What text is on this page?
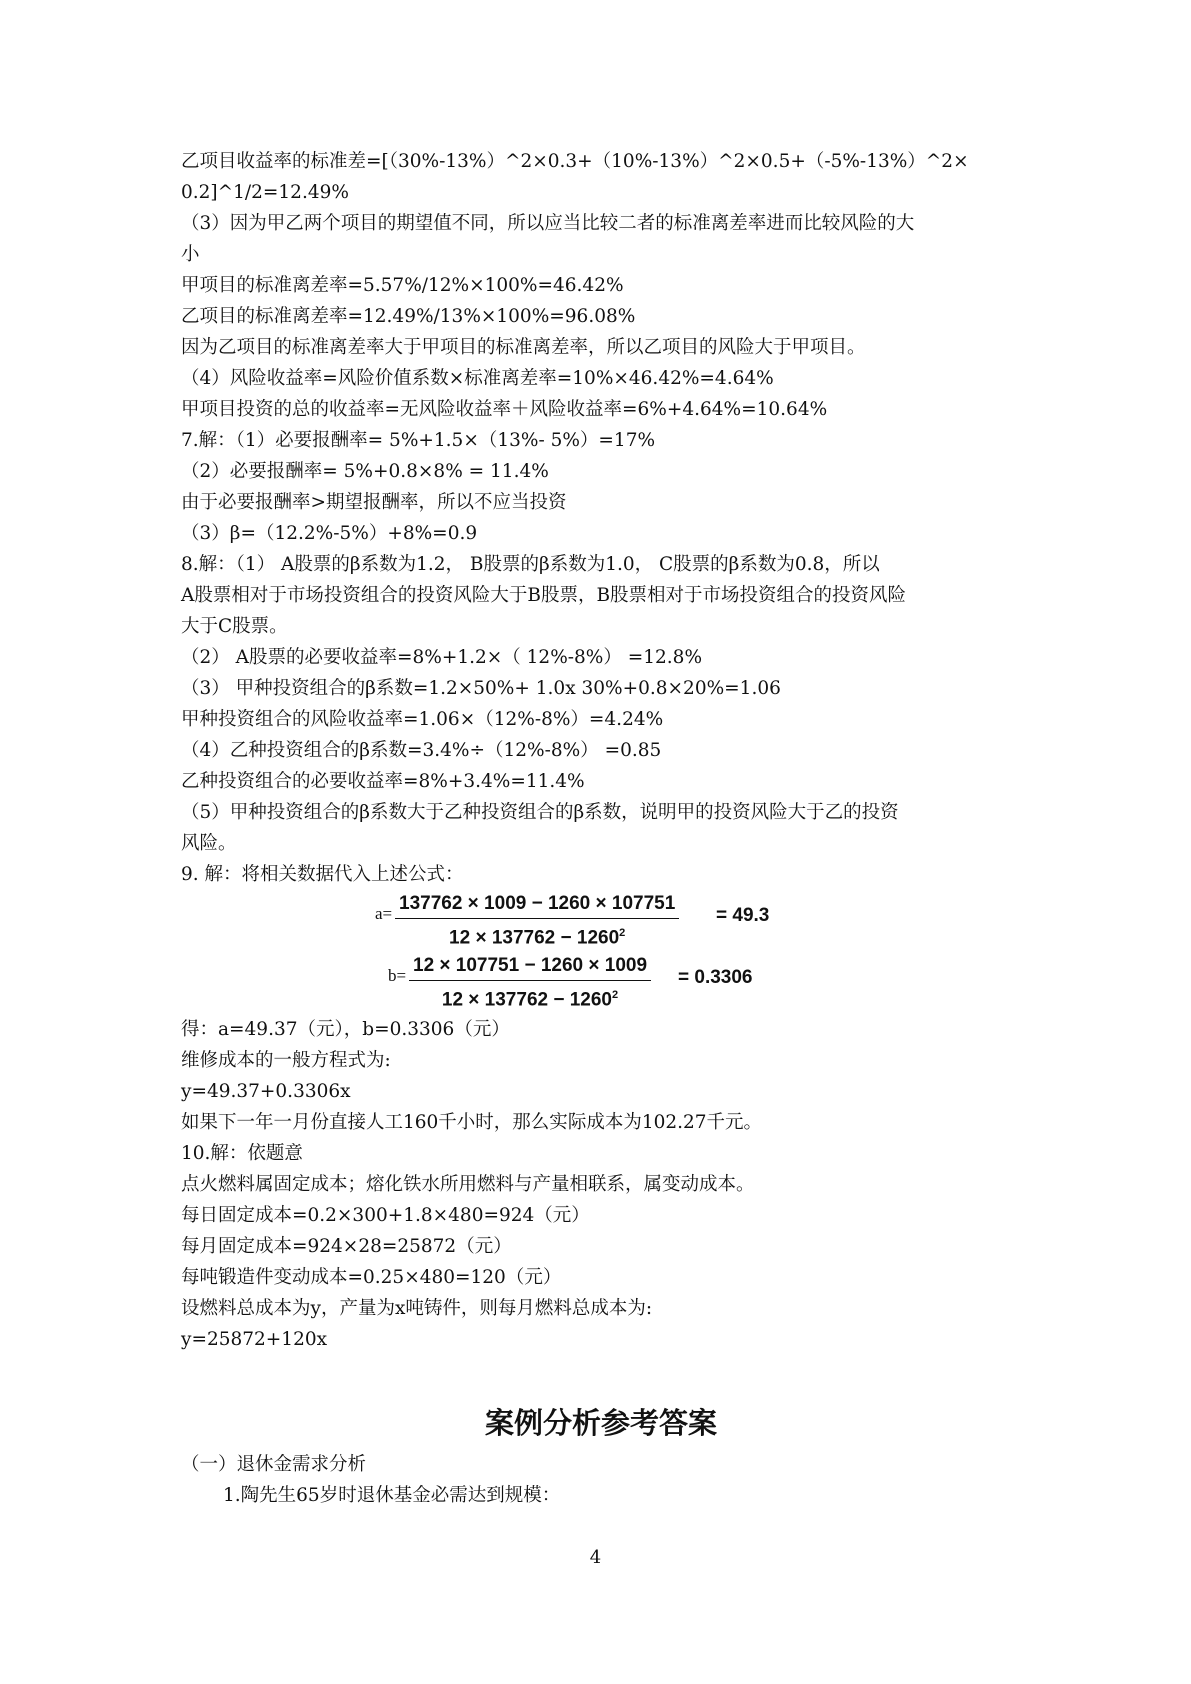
乙项目收益率的标准差=[（30%-13%）^2×0.3+（10%-13%）^2×0.5+（-5%-13%）^2×
0.2]^1/2=12.49%
（3）因为甲乙两个项目的期望值不同，所以应当比较二者的标准离差率进而比较风险的大
小
甲项目的标准离差率=5.57%/12%×100%=46.42%
乙项目的标准离差率=12.49%/13%×100%=96.08%
因为乙项目的标准离差率大于甲项目的标准离差率，所以乙项目的风险大于甲项目。
（4）风险收益率=风险价值系数×标准离差率=10%×46.42%=4.64%
甲项目投资的总的收益率=无风险收益率＋风险收益率=6%+4.64%=10.64%
7.解：（1）必要报酬率= 5%+1.5×（13%- 5%）=17%
（2）必要报酬率= 5%+0.8×8% = 11.4%
由于必要报酬率>期望报酬率，所以不应当投资
（3）β=（12.2%-5%）+8%=0.9
8.解：（1） A股票的β系数为1.2， B股票的β系数为1.0， C股票的β系数为0.8，所以
A股票相对于市场投资组合的投资风险大于B股票，B股票相对于市场投资组合的投资风险
大于C股票。
（2） A股票的必要收益率=8%+1.2×（ 12%-8%） =12.8%
（3） 甲种投资组合的β系数=1.2×50%+ 1.0x 30%+0.8×20%=1.06
甲种投资组合的风险收益率=1.06×（12%-8%）=4.24%
（4）乙种投资组合的β系数=3.4%÷（12%-8%） =0.85
乙种投资组合的必要收益率=8%+3.4%=11.4%
（5）甲种投资组合的β系数大于乙种投资组合的β系数，说明甲的投资风险大于乙的投资
风险。
9. 解：将相关数据代入上述公式：
$a= \frac{137762 \times 1009 - 1260 \times 107751}{12 \times 137762 - 1260^2} = 49.3$
$b= \frac{12 \times 107751 - 1260 \times 1009}{12 \times 137762 - 1260^2} = 0.3306$
得：a=49.37（元），b=0.3306（元）
维修成本的一般方程式为:
y=49.37+0.3306x
如果下一年一月份直接人工160千小时，那么实际成本为102.27千元。
10.解：依题意
点火燃料属固定成本；熔化铁水所用燃料与产量相联系，属变动成本。
每日固定成本=0.2×300+1.8×480=924（元）
每月固定成本=924×28=25872（元）
每吨锻造件变动成本=0.25×480=120（元）
设燃料总成本为y，产量为x吨铸件，则每月燃料总成本为:
y=25872+120x
案例分析参考答案
（一）退休金需求分析
1.陶先生65岁时退休基金必需达到规模：
4
